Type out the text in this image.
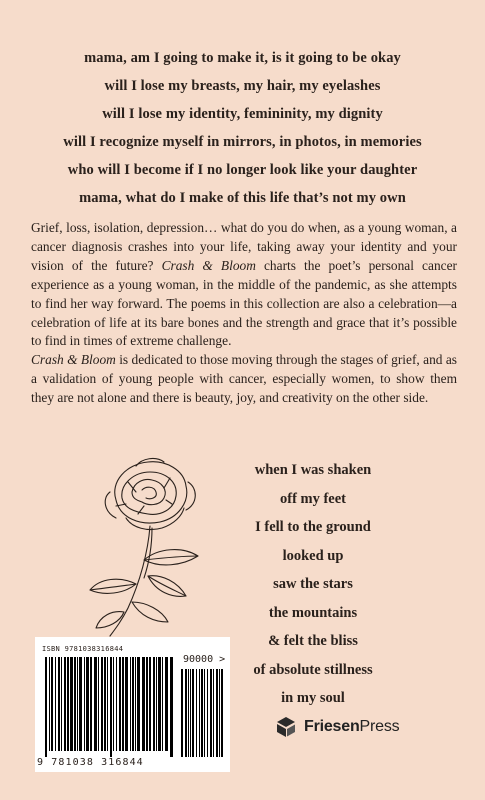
mama, am I going to make it, is it going to be okay
will I lose my breasts, my hair, my eyelashes
will I lose my identity, femininity, my dignity
will I recognize myself in mirrors, in photos, in memories
who will I become if I no longer look like your daughter
mama, what do I make of this life that’s not my own

Grief, loss, isolation, depression… what do you do when, as a young woman, a cancer diagnosis crashes into your life, taking away your identity and your vision of the future? Crash & Bloom charts the poet’s personal cancer experience as a young woman, in the middle of the pandemic, as she attempts to find her way forward. The poems in this collection are also a celebration—a celebration of life at its bare bones and the strength and grace that it’s possible to find in times of extreme challenge.

Crash & Bloom is dedicated to those moving through the stages of grief, and as a validation of young people with cancer, especially women, to show them they are not alone and there is beauty, joy, and creativity on the other side.

when I was shaken
off my feet
I fell to the ground
looked up
saw the stars
the mountains
& felt the bliss
of absolute stillness
in my soul
ISBN 9781038316844
90000 >
9 781038 316844
FriesenPress
